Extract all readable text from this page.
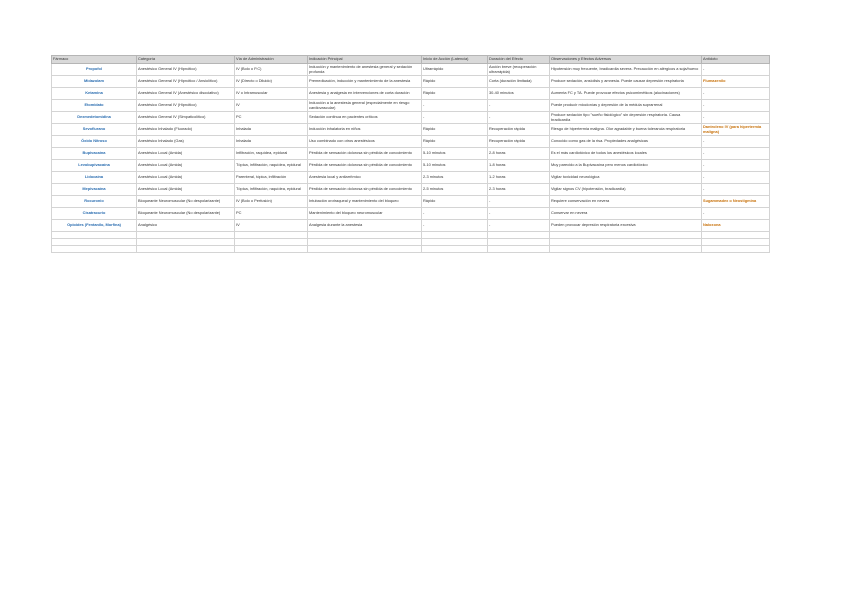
Fármaco	Categoría	Vía de Administración	Indicación Principal	Inicio de Acción (Latencia)	Duración del Efecto	Observaciones y Efectos Adversos	Antídoto
Propofol	Anestésico General IV (Hipnótico)	IV (Bolo o P.C)	Inducción y mantenimiento de anestesia general y sedación profunda	Ultrarrápido	Acción breve (recuperación ultrarrápida)	Hipotensión muy frecuente, bradicardia severa. Precaución en alérgicos a soja/huevo	-
Midazolam	Anestésico General IV (Hipnótico / Ansiolítico)	IV (Directo o Diluido)	Premedicación, inducción y mantenimiento de la anestesia	Rápido	Corta (duración limitada)	Produce sedación, ansiolisis y amnesia. Puede causar depresión respiratoria	Flumazenilo
Ketamina	Anestésico General IV (Anestésico disociativo)	IV o Intramuscular	Anestesia y analgesia en intervenciones de corta duración	Rápido	30-40 minutos	Aumenta FC y TA. Puede provocar efectos psicomiméticos (alucinaciones)	-
Etomidato	Anestésico General IV (Hipnótico)	IV	Inducción a la anestesia general (especialmente en riesgo cardiovascular)	-	-	Puede producir mioclonías y depresión de la médula suprarrenal	-
Dexmedetomidina	Anestésico General IV (Simpaticolítico)	PC	Sedación continua en pacientes críticos	-	-	Produce sedación tipo "sueño fisiológico" sin depresión respiratoria. Causa bradicardia	-
Sevoflurano	Anestésico Inhalado (Fluorado)	Inhalada	Inducción inhalatoria en niños	Rápido	Recuperación rápida	Riesgo de hipertermia maligna. Olor agradable y buena tolerancia respiratoria	Dantroleno IV (para hipertermia maligna)
Óxido Nitroso	Anestésico Inhalado (Gas)	Inhalada	Uso combinado con otros anestésicos	Rápido	Recuperación rápida	Conocido como gas de la risa. Propiedades analgésicas	-
Bupivacaína	Anestésico Local (Amida)	Infiltración, raquídea, epidural	Pérdida de sensación dolorosa sin pérdida de conocimiento	5-10 minutos	2-8 horas	Es el más cardiotóxico de todos los anestésicos locales	-
Levobupivacaína	Anestésico Local (Amida)	Tópica, infiltración, raquídea, epidural	Pérdida de sensación dolorosa sin pérdida de conocimiento	5-10 minutos	1-8 horas	Muy parecido a la Bupivacaína pero menos cardiotóxico	-
Lidocaína	Anestésico Local (Amida)	Parenteral, tópica, infiltración	Anestesia local y antiarrítmico	2-3 minutos	1-2 horas	Vigilar toxicidad neurológica	-
Mepivacaína	Anestésico Local (Amida)	Tópica, infiltración, raquídea, epidural	Pérdida de sensación dolorosa sin pérdida de conocimiento	2-5 minutos	2-3 horas	Vigilar signos CV (hipotensión, bradicardia)	-
Rocuronio	Bloqueante Neuromuscular (No despolarizante)	IV (Bolo o Perfusión)	Intubación orotraqueal y mantenimiento del bloqueo	Rápido	-	Requiere conservación en nevera	Sugammadex o Neostigmina
Cisatracurio	Bloqueante Neuromuscular (No despolarizante)	PC	Mantenimiento del bloqueo neuromuscular	-	-	Conservar en nevera	-
Opioides (Fentanilo, Morfina)	Analgésico	IV	Analgesia durante la anestesia	-	-	Pueden provocar depresión respiratoria excesiva	Naloxona
